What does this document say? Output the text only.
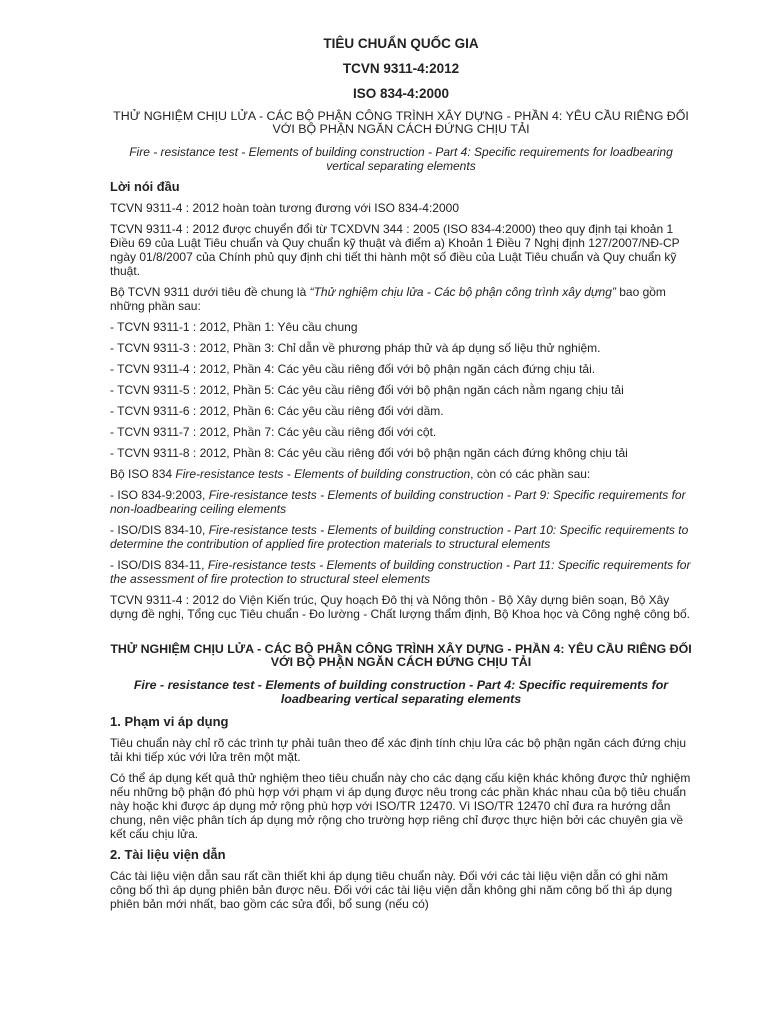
TIÊU CHUẨN QUỐC GIA
TCVN 9311-4:2012
ISO 834-4:2000
THỬ NGHIỆM CHỊU LỬA - CÁC BỘ PHẬN CÔNG TRÌNH XÂY DỰNG - PHẦN 4: YÊU CẦU RIÊNG ĐỐI VỚI BỘ PHẬN NGĂN CÁCH ĐỨNG CHỊU TẢI
Fire - resistance test - Elements of building construction - Part 4: Specific requirements for loadbearing vertical separating elements
Lời nói đầu

TCVN 9311-4 : 2012 hoàn toàn tương đương với ISO 834-4:2000

TCVN 9311-4 : 2012 được chuyển đổi từ TCXDVN 344 : 2005 (ISO 834-4:2000) theo quy định tại khoản 1 Điều 69 của Luật Tiêu chuẩn và Quy chuẩn kỹ thuật và điểm a) Khoản 1 Điều 7 Nghị định 127/2007/NĐ-CP ngày 01/8/2007 của Chính phủ quy định chi tiết thi hành một số điều của Luật Tiêu chuẩn và Quy chuẩn kỹ thuật.

Bộ TCVN 9311 dưới tiêu đề chung là “Thử nghiệm chịu lửa - Các bộ phận công trình xây dựng” bao gồm những phần sau:

- TCVN 9311-1 : 2012, Phần 1: Yêu cầu chung

- TCVN 9311-3 : 2012, Phần 3: Chỉ dẫn về phương pháp thử và áp dụng số liệu thử nghiệm.

- TCVN 9311-4 : 2012, Phần 4: Các yêu cầu riêng đối với bộ phận ngăn cách đứng chịu tải.

- TCVN 9311-5 : 2012, Phần 5: Các yêu cầu riêng đối với bộ phận ngăn cách nằm ngang chịu tải

- TCVN 9311-6 : 2012, Phần 6: Các yêu cầu riêng đối với dầm.

- TCVN 9311-7 : 2012, Phần 7: Các yêu cầu riêng đối với cột.

- TCVN 9311-8 : 2012, Phần 8: Các yêu cầu riêng đối với bộ phận ngăn cách đứng không chịu tải

Bộ ISO 834 Fire-resistance tests - Elements of building construction, còn có các phần sau:

- ISO 834-9:2003, Fire-resistance tests - Elements of building construction - Part 9: Specific requirements for non-loadbearing ceiling elements

- ISO/DIS 834-10, Fire-resistance tests - Elements of building construction - Part 10: Specific requirements to determine the contribution of applied fire protection materials to structural elements

- ISO/DIS 834-11, Fire-resistance tests - Elements of building construction - Part 11: Specific requirements for the assessment of fire protection to structural steel elements

TCVN 9311-4 : 2012 do Viện Kiến trúc, Quy hoạch Đô thị và Nông thôn - Bộ Xây dựng biên soạn, Bộ Xây dựng đề nghị, Tổng cục Tiêu chuẩn - Đo lường - Chất lượng thẩm định, Bộ Khoa học và Công nghệ công bố.

THỬ NGHIỆM CHỊU LỬA - CÁC BỘ PHẬN CÔNG TRÌNH XÂY DỰNG - PHẦN 4: YÊU CẦU RIÊNG ĐỐI VỚI BỘ PHẬN NGĂN CÁCH ĐỨNG CHỊU TẢI
Fire - resistance test - Elements of building construction - Part 4: Specific requirements for loadbearing vertical separating elements
1. Phạm vi áp dụng

Tiêu chuẩn này chỉ rõ các trình tự phải tuân theo để xác định tính chịu lửa các bộ phận ngăn cách đứng chịu tải khi tiếp xúc với lửa trên một mặt.

Có thể áp dụng kết quả thử nghiệm theo tiêu chuẩn này cho các dạng cấu kiện khác không được thử nghiệm nếu những bộ phận đó phù hợp với phạm vi áp dụng được nêu trong các phần khác nhau của bộ tiêu chuẩn này hoặc khi được áp dụng mở rộng phù hợp với ISO/TR 12470. Vì ISO/TR 12470 chỉ đưa ra hướng dẫn chung, nên việc phân tích áp dụng mở rộng cho trường hợp riêng chỉ được thực hiện bởi các chuyên gia về kết cấu chịu lửa.

2. Tài liệu viện dẫn

Các tài liệu viện dẫn sau rất cần thiết khi áp dụng tiêu chuẩn này. Đối với các tài liệu viện dẫn có ghi năm công bố thì áp dụng phiên bản được nêu. Đối với các tài liệu viện dẫn không ghi năm công bố thì áp dụng phiên bản mới nhất, bao gồm các sửa đổi, bổ sung (nếu có)
